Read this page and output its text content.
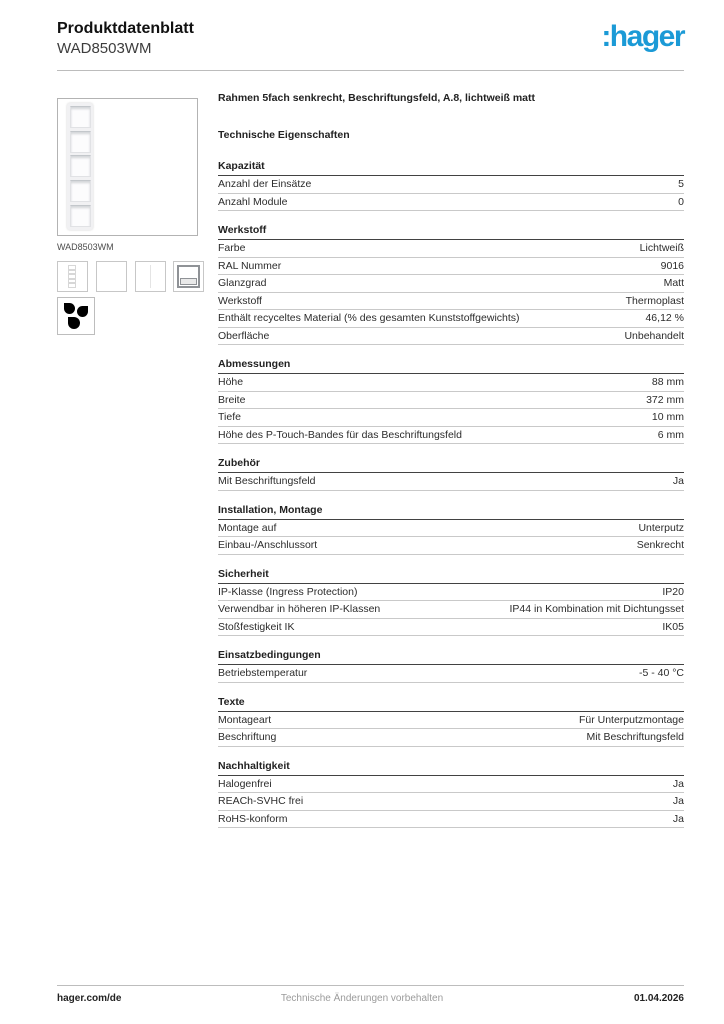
Produktdatenblatt
WAD8503WM	:hager
WAD8503WM
Rahmen 5fach senkrecht, Beschriftungsfeld, A.8, lichtweiß matt
Technische Eigenschaften
Kapazität
Anzahl der Einsätze	5
Anzahl Module	0
Werkstoff
Farbe	Lichtweiß
RAL Nummer	9016
Glanzgrad	Matt
Werkstoff	Thermoplast
Enthält recyceltes Material (% des gesamten Kunststoffgewichts)	46,12 %
Oberfläche	Unbehandelt
Abmessungen
Höhe	88 mm
Breite	372 mm
Tiefe	10 mm
Höhe des P-Touch-Bandes für das Beschriftungsfeld	6 mm
Zubehör
Mit Beschriftungsfeld	Ja
Installation, Montage
Montage auf	Unterputz
Einbau-/Anschlussort	Senkrecht
Sicherheit
IP-Klasse (Ingress Protection)	IP20
Verwendbar in höheren IP-Klassen	IP44 in Kombination mit Dichtungsset
Stoßfestigkeit IK	IK05
Einsatzbedingungen
Betriebstemperatur	-5 - 40 °C
Texte
Montageart	Für Unterputzmontage
Beschriftung	Mit Beschriftungsfeld
Nachhaltigkeit
Halogenfrei	Ja
REACh-SVHC frei	Ja
RoHS-konform	Ja
hager.com/de	Technische Änderungen vorbehalten	01.04.2026
